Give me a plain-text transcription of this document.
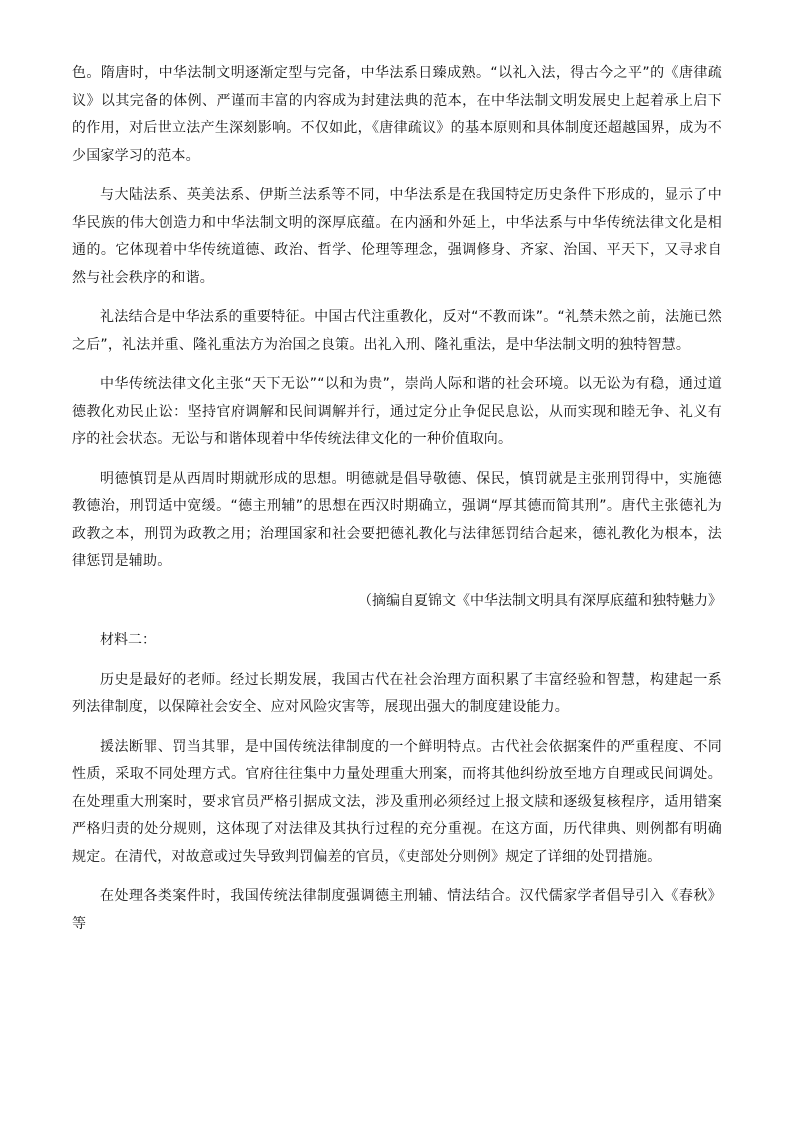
色。隋唐时，中华法制文明逐渐定型与完备，中华法系日臻成熟。“以礼入法，得古今之平”的《唐律疏议》以其完备的体例、严谨而丰富的内容成为封建法典的范本，在中华法制文明发展史上起着承上启下的作用，对后世立法产生深刻影响。不仅如此，《唐律疏议》的基本原则和具体制度还超越国界，成为不少国家学习的范本。

与大陆法系、英美法系、伊斯兰法系等不同，中华法系是在我国特定历史条件下形成的，显示了中华民族的伟大创造力和中华法制文明的深厚底蕴。在内涵和外延上，中华法系与中华传统法律文化是相通的。它体现着中华传统道德、政治、哲学、伦理等理念，强调修身、齐家、治国、平天下，又寻求自然与社会秩序的和谐。

礼法结合是中华法系的重要特征。中国古代注重教化，反对“不教而诛”。“礼禁未然之前，法施已然之后”，礼法并重、隆礼重法方为治国之良策。出礼入刑、隆礼重法，是中华法制文明的独特智慧。

中华传统法律文化主张“天下无讼”“以和为贵”，崇尚人际和谐的社会环境。以无讼为有稳，通过道德教化劝民止讼：坚持官府调解和民间调解并行，通过定分止争促民息讼，从而实现和睦无争、礼义有序的社会状态。无讼与和谐体现着中华传统法律文化的一种价值取向。

明德慎罚是从西周时期就形成的思想。明德就是倡导敬德、保民，慎罚就是主张刑罚得中，实施德教德治，刑罚适中宽缓。“德主刑辅”的思想在西汉时期确立，强调“厚其德而简其刑”。唐代主张德礼为政教之本，刑罚为政教之用；治理国家和社会要把德礼教化与法律惩罚结合起来，德礼教化为根本，法律惩罚是辅助。

（摘编自夏锦文《中华法制文明具有深厚底蕴和独特魅力》

材料二：

历史是最好的老师。经过长期发展，我国古代在社会治理方面积累了丰富经验和智慧，构建起一系列法律制度，以保障社会安全、应对风险灾害等，展现出强大的制度建设能力。

援法断罪、罚当其罪，是中国传统法律制度的一个鲜明特点。古代社会依据案件的严重程度、不同性质，采取不同处理方式。官府往往集中力量处理重大刑案，而将其他纠纷放至地方自理或民间调处。在处理重大刑案时，要求官员严格引据成文法，涉及重刑必须经过上报文牍和逐级复核程序，适用错案严格归责的处分规则，这体现了对法律及其执行过程的充分重视。在这方面，历代律典、则例都有明确规定。在清代，对故意或过失导致判罚偏差的官员，《吏部处分则例》规定了详细的处罚措施。

在处理各类案件时，我国传统法律制度强调德主刑辅、情法结合。汉代儒家学者倡导引入《春秋》等
